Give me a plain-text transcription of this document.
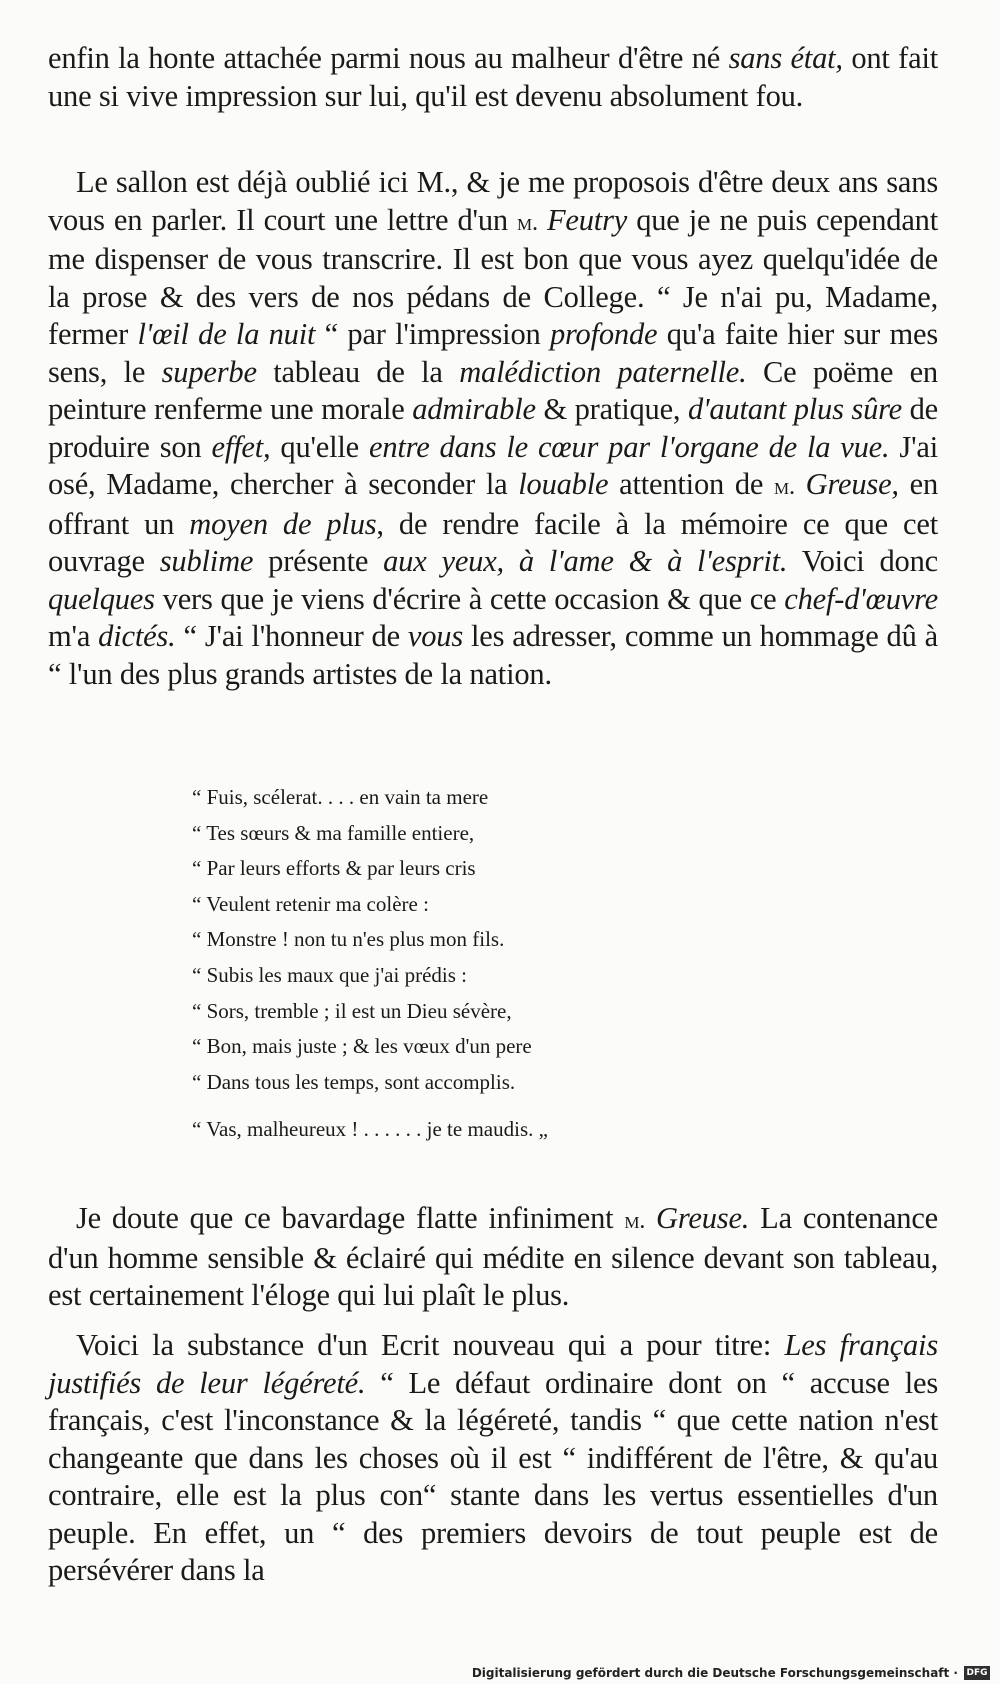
enfin la honte attachée parmi nous au malheur d'être né sans état, ont fait une si vive impression sur lui, qu'il est devenu absolument fou.

Le sallon est déjà oublié ici M., & je me proposois d'être deux ans sans vous en parler. Il court une lettre d'un m. Feutry que je ne puis cependant me dispenser de vous transcrire. Il est bon que vous ayez quelqu'idée de la prose & des vers de nos pédans de College. “ Je n'ai pu, Madame, fermer l'œil de la nuit “ par l'impression profonde qu'a faite hier sur mes sens, le superbe tableau de la malédiction paternelle. Ce poëme en peinture renferme une morale admirable & pratique, d'autant plus sûre de produire son effet, qu'elle entre dans le cœur par l'organe de la vue. J'ai osé, Madame, chercher à seconder la louable attention de m. Greuse, en offrant un moyen de plus, de rendre facile à la mémoire ce que cet ouvrage sublime présente aux yeux, à l'ame & à l'esprit. Voici donc quelques vers que je viens d'écrire à cette occasion & que ce chef-d'œuvre m'a dictés. “ J'ai l'honneur de vous les adresser, comme un hommage dû à “ l'un des plus grands artistes de la nation.

“ Fuis, scélerat. . . . en vain ta mere
“ Tes sœurs & ma famille entiere,
“ Par leurs efforts & par leurs cris
“ Veulent retenir ma colère :
“ Monstre ! non tu n'es plus mon fils.
“ Subis les maux que j'ai prédis :
“ Sors, tremble ; il est un Dieu sévère,
“ Bon, mais juste ; & les vœux d'un pere
“ Dans tous les temps, sont accomplis.
“ Vas, malheureux ! . . . . . . je te maudis. „

Je doute que ce bavardage flatte infiniment m. Greuse. La contenance d'un homme sensible & éclairé qui médite en silence devant son tableau, est certainement l'éloge qui lui plaît le plus.

Voici la substance d'un Ecrit nouveau qui a pour titre: Les français justifiés de leur légéreté. “ Le défaut ordinaire dont on “ accuse les français, c'est l'inconstance & la légéreté, tandis “ que cette nation n'est changeante que dans les choses où il est “ indifférent de l'être, & qu'au contraire, elle est la plus con“ stante dans les vertus essentielles d'un peuple. En effet, un “ des premiers devoirs de tout peuple est de persévérer dans la

Digitalisierung gefördert durch die Deutsche Forschungsgemeinschaft · DFG
